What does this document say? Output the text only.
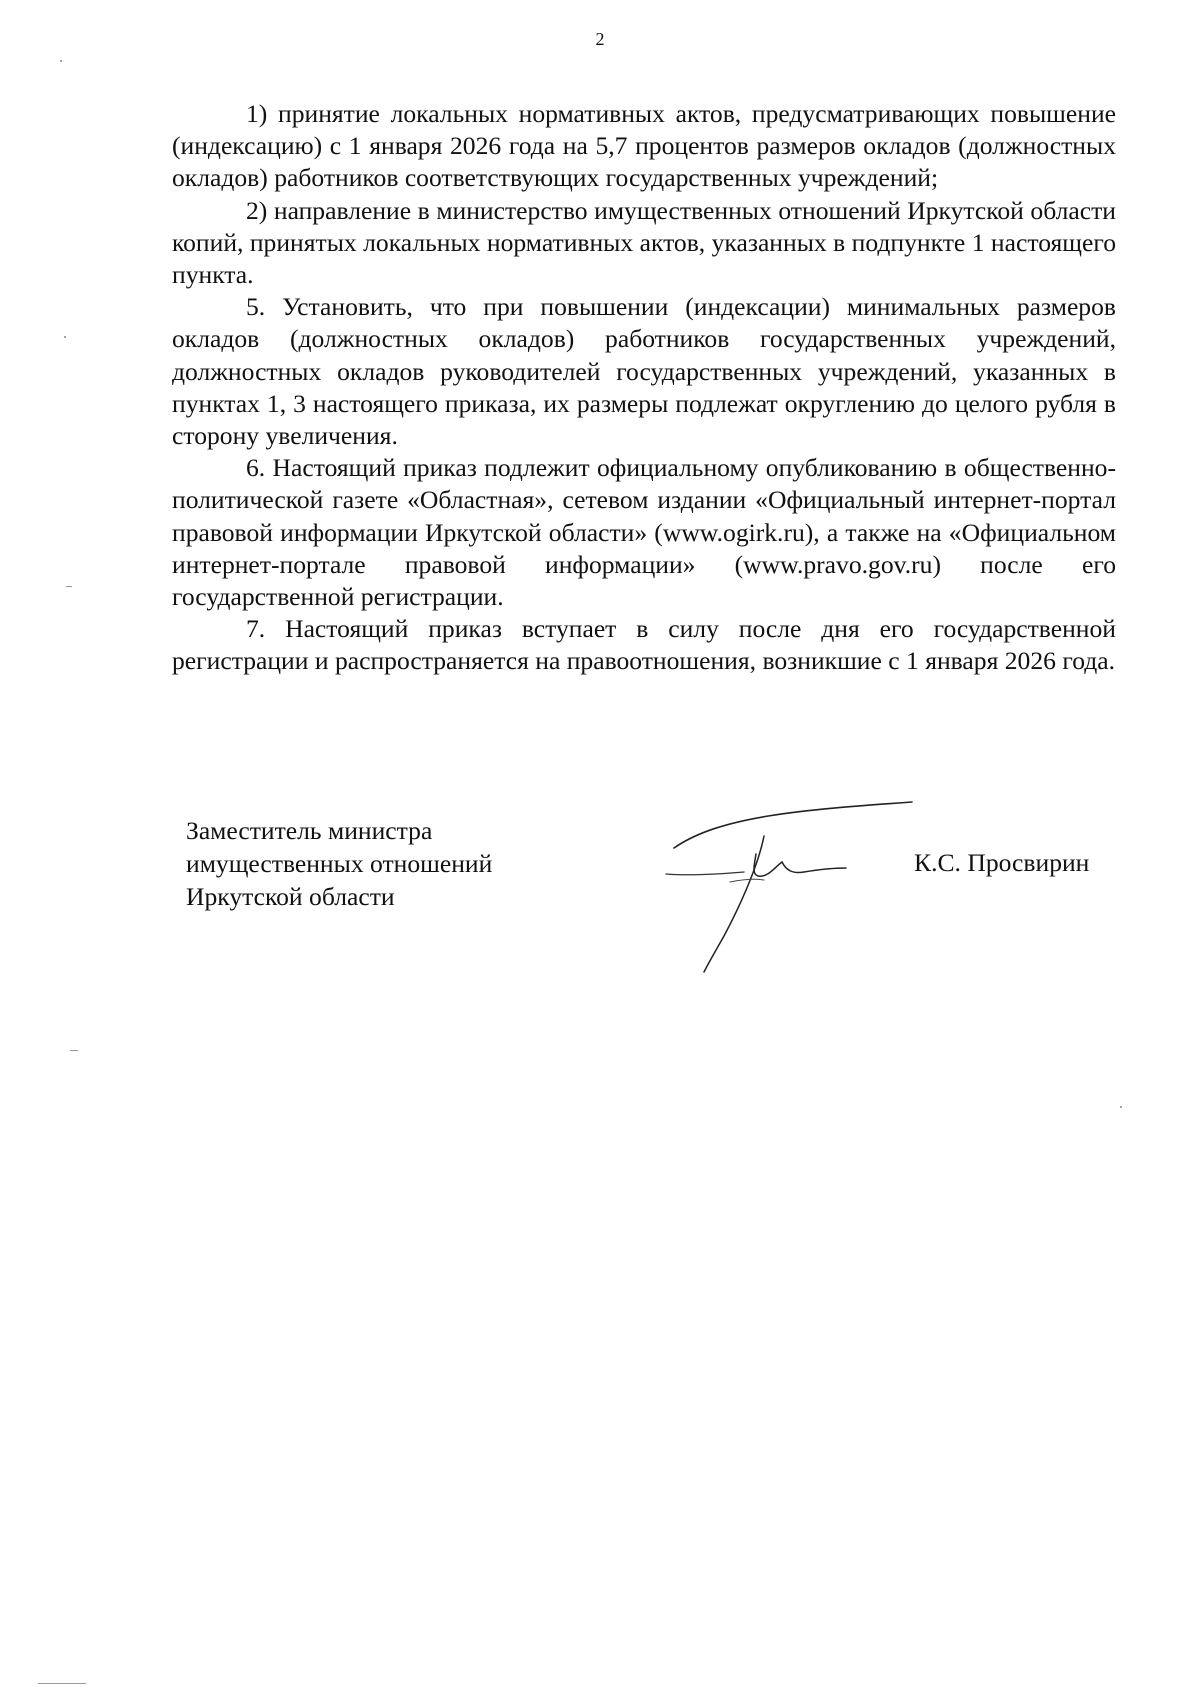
2

1) принятие локальных нормативных актов, предусматривающих повышение (индексацию) с 1 января 2026 года на 5,7 процентов размеров окладов (должностных окладов) работников соответствующих государственных учреждений;

2) направление в министерство имущественных отношений Иркутской области копий, принятых локальных нормативных актов, указанных в подпункте 1 настоящего пункта.

5. Установить, что при повышении (индексации) минимальных размеров окладов (должностных окладов) работников государственных учреждений, должностных окладов руководителей государственных учреждений, указанных в пунктах 1, 3 настоящего приказа, их размеры подлежат округлению до целого рубля в сторону увеличения.

6. Настоящий приказ подлежит официальному опубликованию в общественно-политической газете «Областная», сетевом издании «Официальный интернет-портал правовой информации Иркутской области» (www.ogirk.ru), а также на «Официальном интернет-портале правовой информации» (www.pravo.gov.ru) после его государственной регистрации.

7. Настоящий приказ вступает в силу после дня его государственной регистрации и распространяется на правоотношения, возникшие с 1 января 2026 года.

Заместитель министра
имущественных отношений
Иркутской области
К.С. Просвирин
